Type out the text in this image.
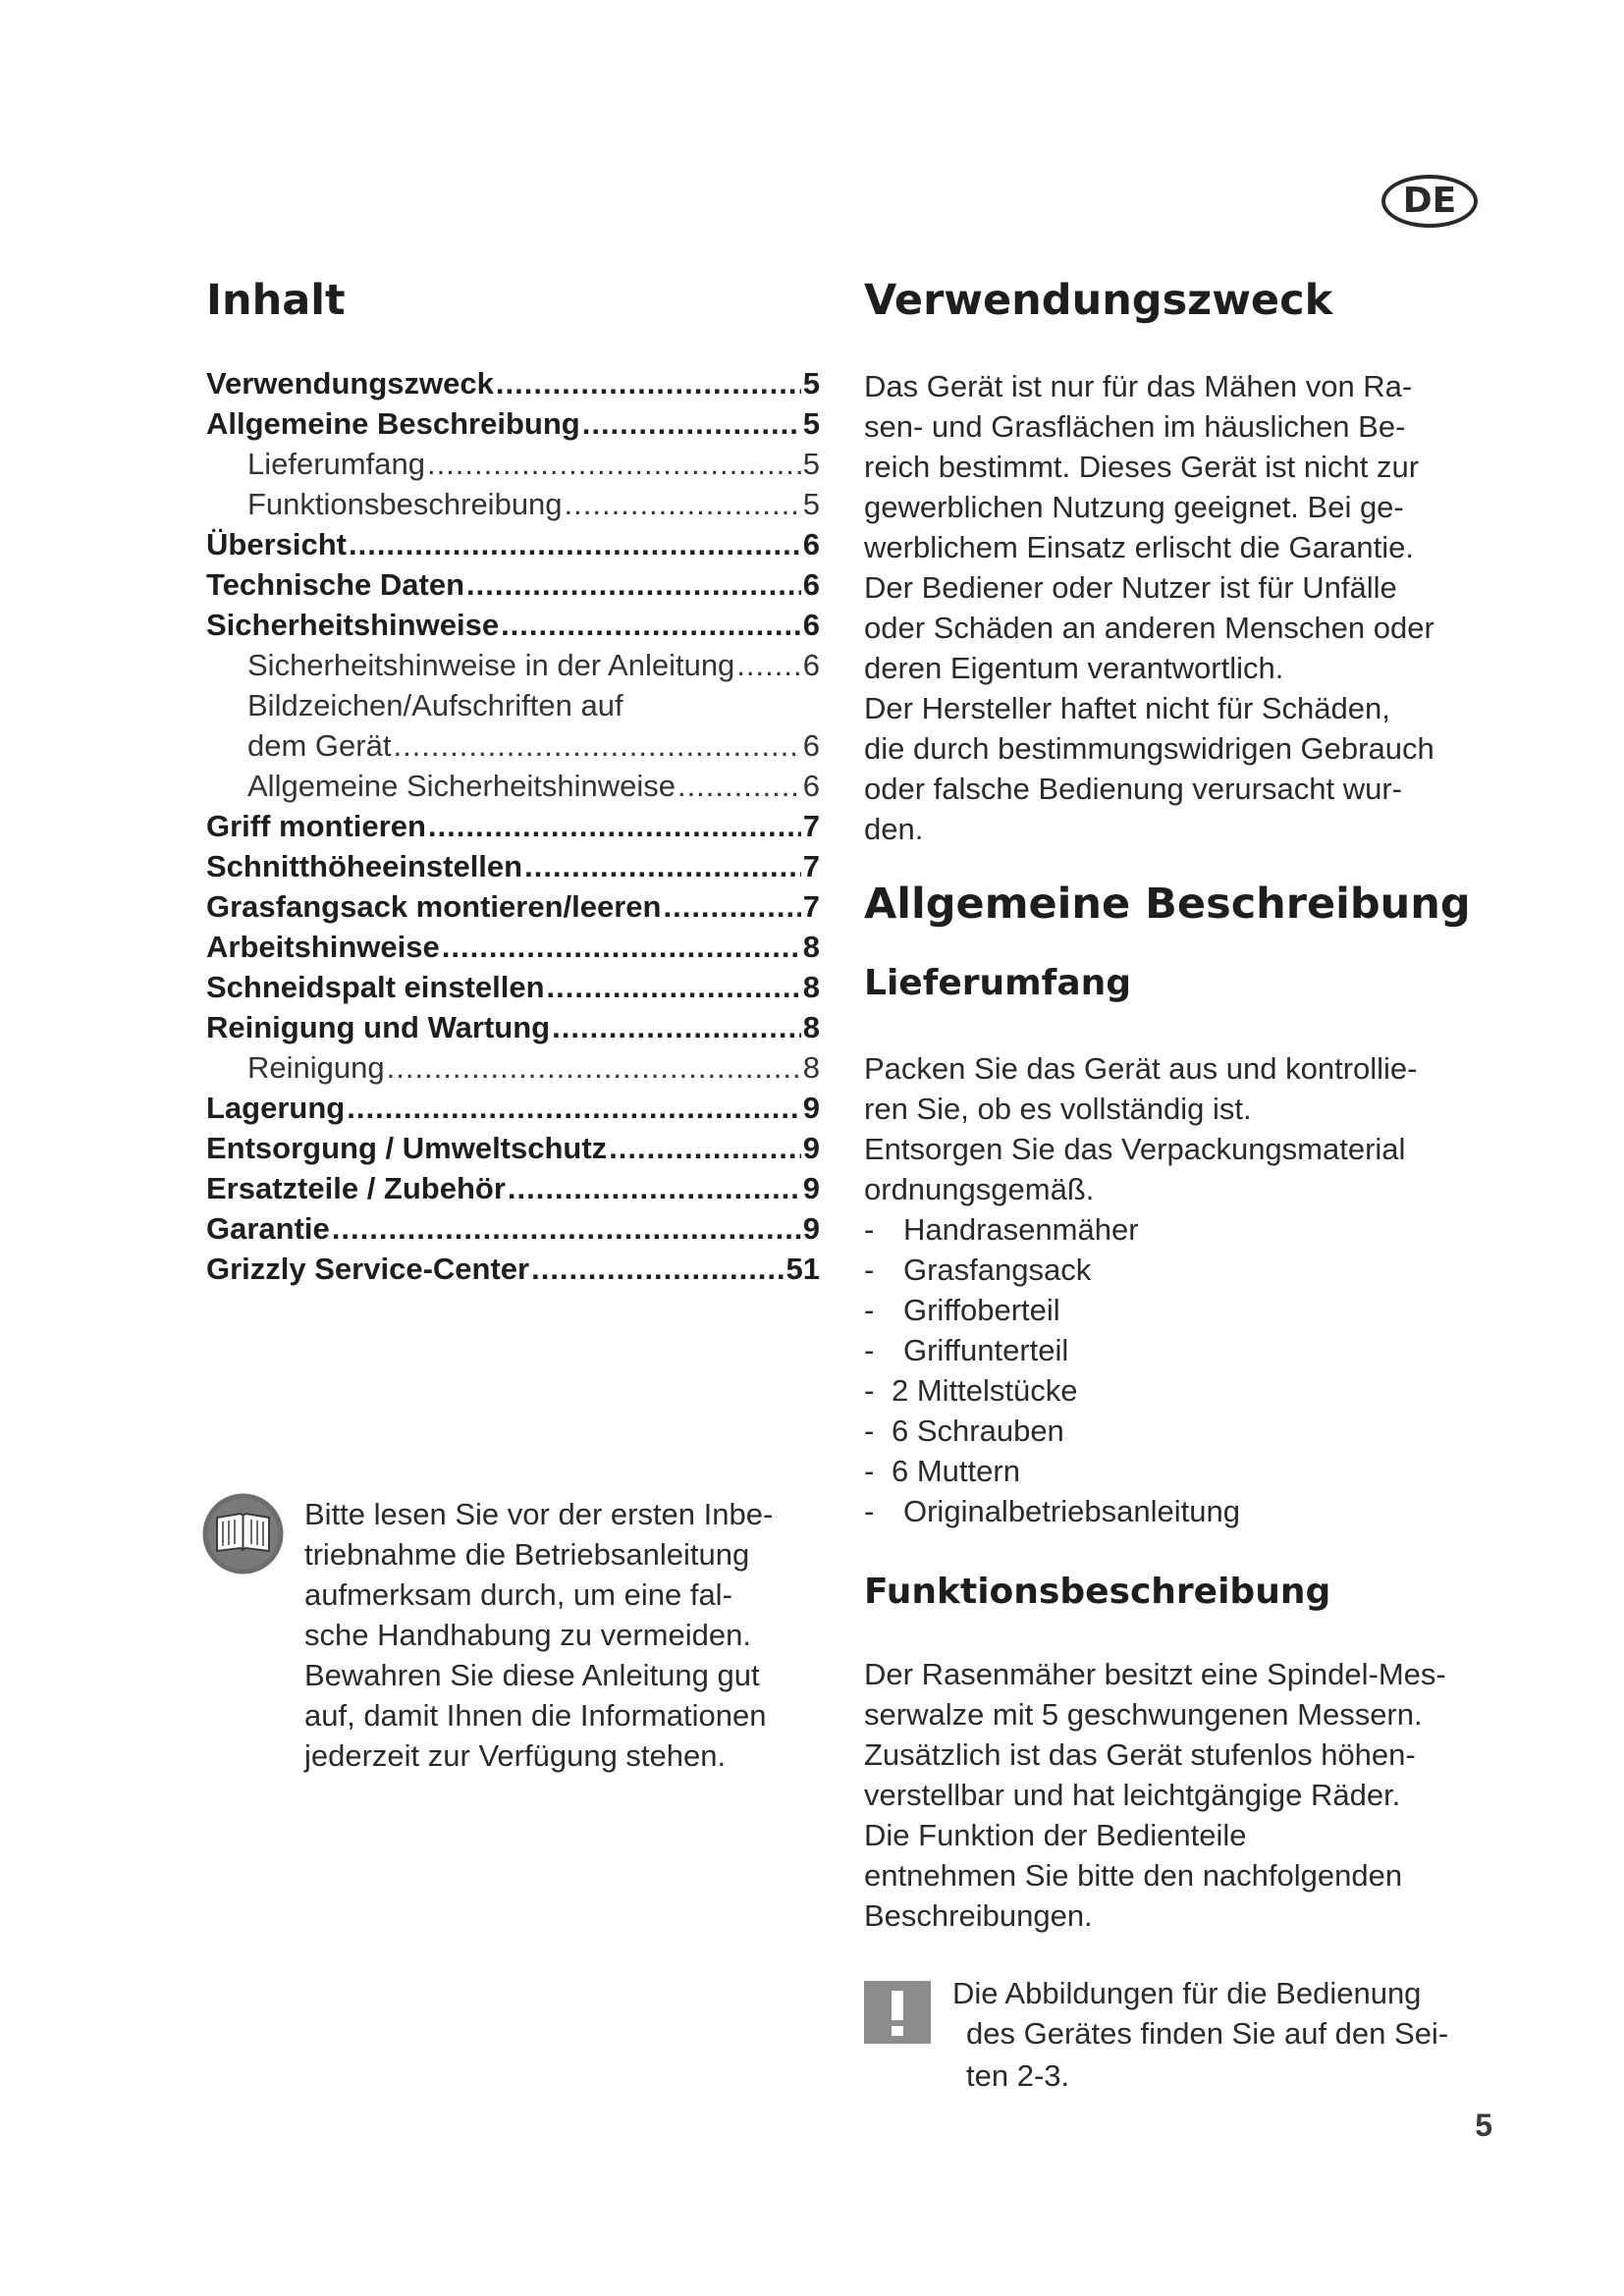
DE
Inhalt
Verwendungszweck .....	5
Allgemeine Beschreibung .....	5
Lieferumfang .....	5
Funktionsbeschreibung .....	5
Übersicht .....	6
Technische Daten .....	6
Sicherheitshinweise .....	6
Sicherheitshinweise in der Anleitung ..... 6
Bildzeichen/Aufschriften auf
dem Gerät .....	6
Allgemeine Sicherheitshinweise .....	6
Griff montieren .....	7
Schnitthöheeinstellen .....	7
Grasfangsack montieren/leeren .....	7
Arbeitshinweise .....	8
Schneidspalt einstellen .....	8
Reinigung und Wartung .....	8
Reinigung .....	8
Lagerung .....	9
Entsorgung / Umweltschutz .....	9
Ersatzteile / Zubehör .....	9
Garantie .....	9
Grizzly Service-Center .....	51

Bitte lesen Sie vor der ersten Inbe-

triebnahme die Betriebsanleitung

aufmerksam durch, um eine fal-

sche Handhabung zu vermeiden.

Bewahren Sie diese Anleitung gut

auf, damit Ihnen die Informationen

jederzeit zur Verfügung stehen.

Verwendungszweck

Das Gerät ist nur für das Mähen von Ra-

sen- und Grasflächen im häuslichen Be-

reich bestimmt. Dieses Gerät ist nicht zur

gewerblichen Nutzung geeignet. Bei ge-

werblichem Einsatz erlischt die Garantie.

Der Bediener oder Nutzer ist für Unfälle

oder Schäden an anderen Menschen oder

deren Eigentum verantwortlich.

Der Hersteller haftet nicht für Schäden,

die durch bestimmungswidrigen Gebrauch

oder falsche Bedienung verursacht wur-

den.

Allgemeine Beschreibung
Lieferumfang

Packen Sie das Gerät aus und kontrollie-

ren Sie, ob es vollständig ist.

Entsorgen Sie das Verpackungsmaterial

ordnungsgemäß.

- Handrasenmäher
- Grasfangsack
- Griffoberteil
- Griffunterteil
- 2 Mittelstücke
- 6 Schrauben
- 6 Muttern
- Originalbetriebsanleitung
Funktionsbeschreibung

Der Rasenmäher besitzt eine Spindel-Mes-

serwalze mit 5 geschwungenen Messern.

Zusätzlich ist das Gerät stufenlos höhen-

verstellbar und hat leichtgängige Räder.

Die Funktion der Bedienteile

entnehmen Sie bitte den nachfolgenden

Beschreibungen.

Die Abbildungen für die Bedienung

des Gerätes finden Sie auf den Sei-

ten 2-3.

5
